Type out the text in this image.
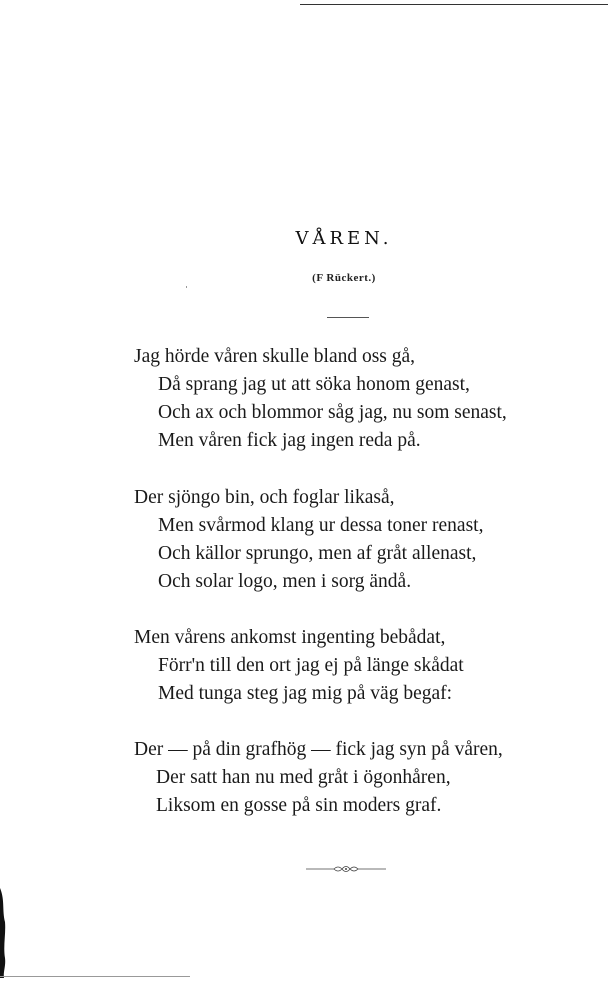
VÅREN.
(F Rückert.)
Jag hörde våren skulle bland oss gå,
Då sprang jag ut att söka honom genast,
Och ax och blommor såg jag, nu som senast,
Men våren fick jag ingen reda på.
Der sjöngo bin, och foglar likaså,
Men svårmod klang ur dessa toner renast,
Och källor sprungo, men af gråt allenast,
Och solar logo, men i sorg ändå.
Men vårens ankomst ingenting bebådat,
Förr'n till den ort jag ej på länge skådat
Med tunga steg jag mig på väg begaf:
Der — på din grafhög — fick jag syn på våren,
Der satt han nu med gråt i ögonhåren,
Liksom en gosse på sin moders graf.
